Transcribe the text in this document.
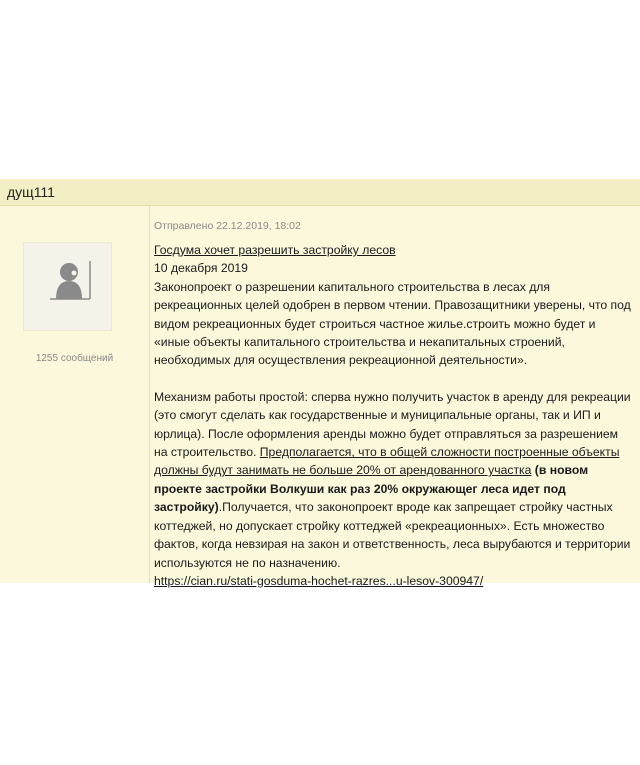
дущ111
1255 сообщений
Отправлено 22.12.2019, 18:02

Госдума хочет разрешить застройку лесов

10 декабря 2019

Законопроект о разрешении капитального строительства в лесах для рекреационных целей одобрен в первом чтении. Правозащитники уверены, что под видом рекреационных будет строиться частное жилье.строить можно будет и «иные объекты капитального строительства и некапитальных строений, необходимых для осуществления рекреационной деятельности».

Механизм работы простой: сперва нужно получить участок в аренду для рекреации (это смогут сделать как государственные и муниципальные органы, так и ИП и юрлица). После оформления аренды можно будет отправляться за разрешением на строительство. Предполагается, что в общей сложности построенные объекты должны будут занимать не больше 20% от арендованного участка (в новом проекте застройки Волкуши как раз 20% окружающег леса идет под застройку).Получается, что законопроект вроде как запрещает стройку частных коттеджей, но допускает стройку коттеджей «рекреационных». Есть множество фактов, когда невзирая на закон и ответственность, леса вырубаются и территории используются не по назначению.

https://cian.ru/stati-gosduma-hochet-razres...u-lesov-300947/
